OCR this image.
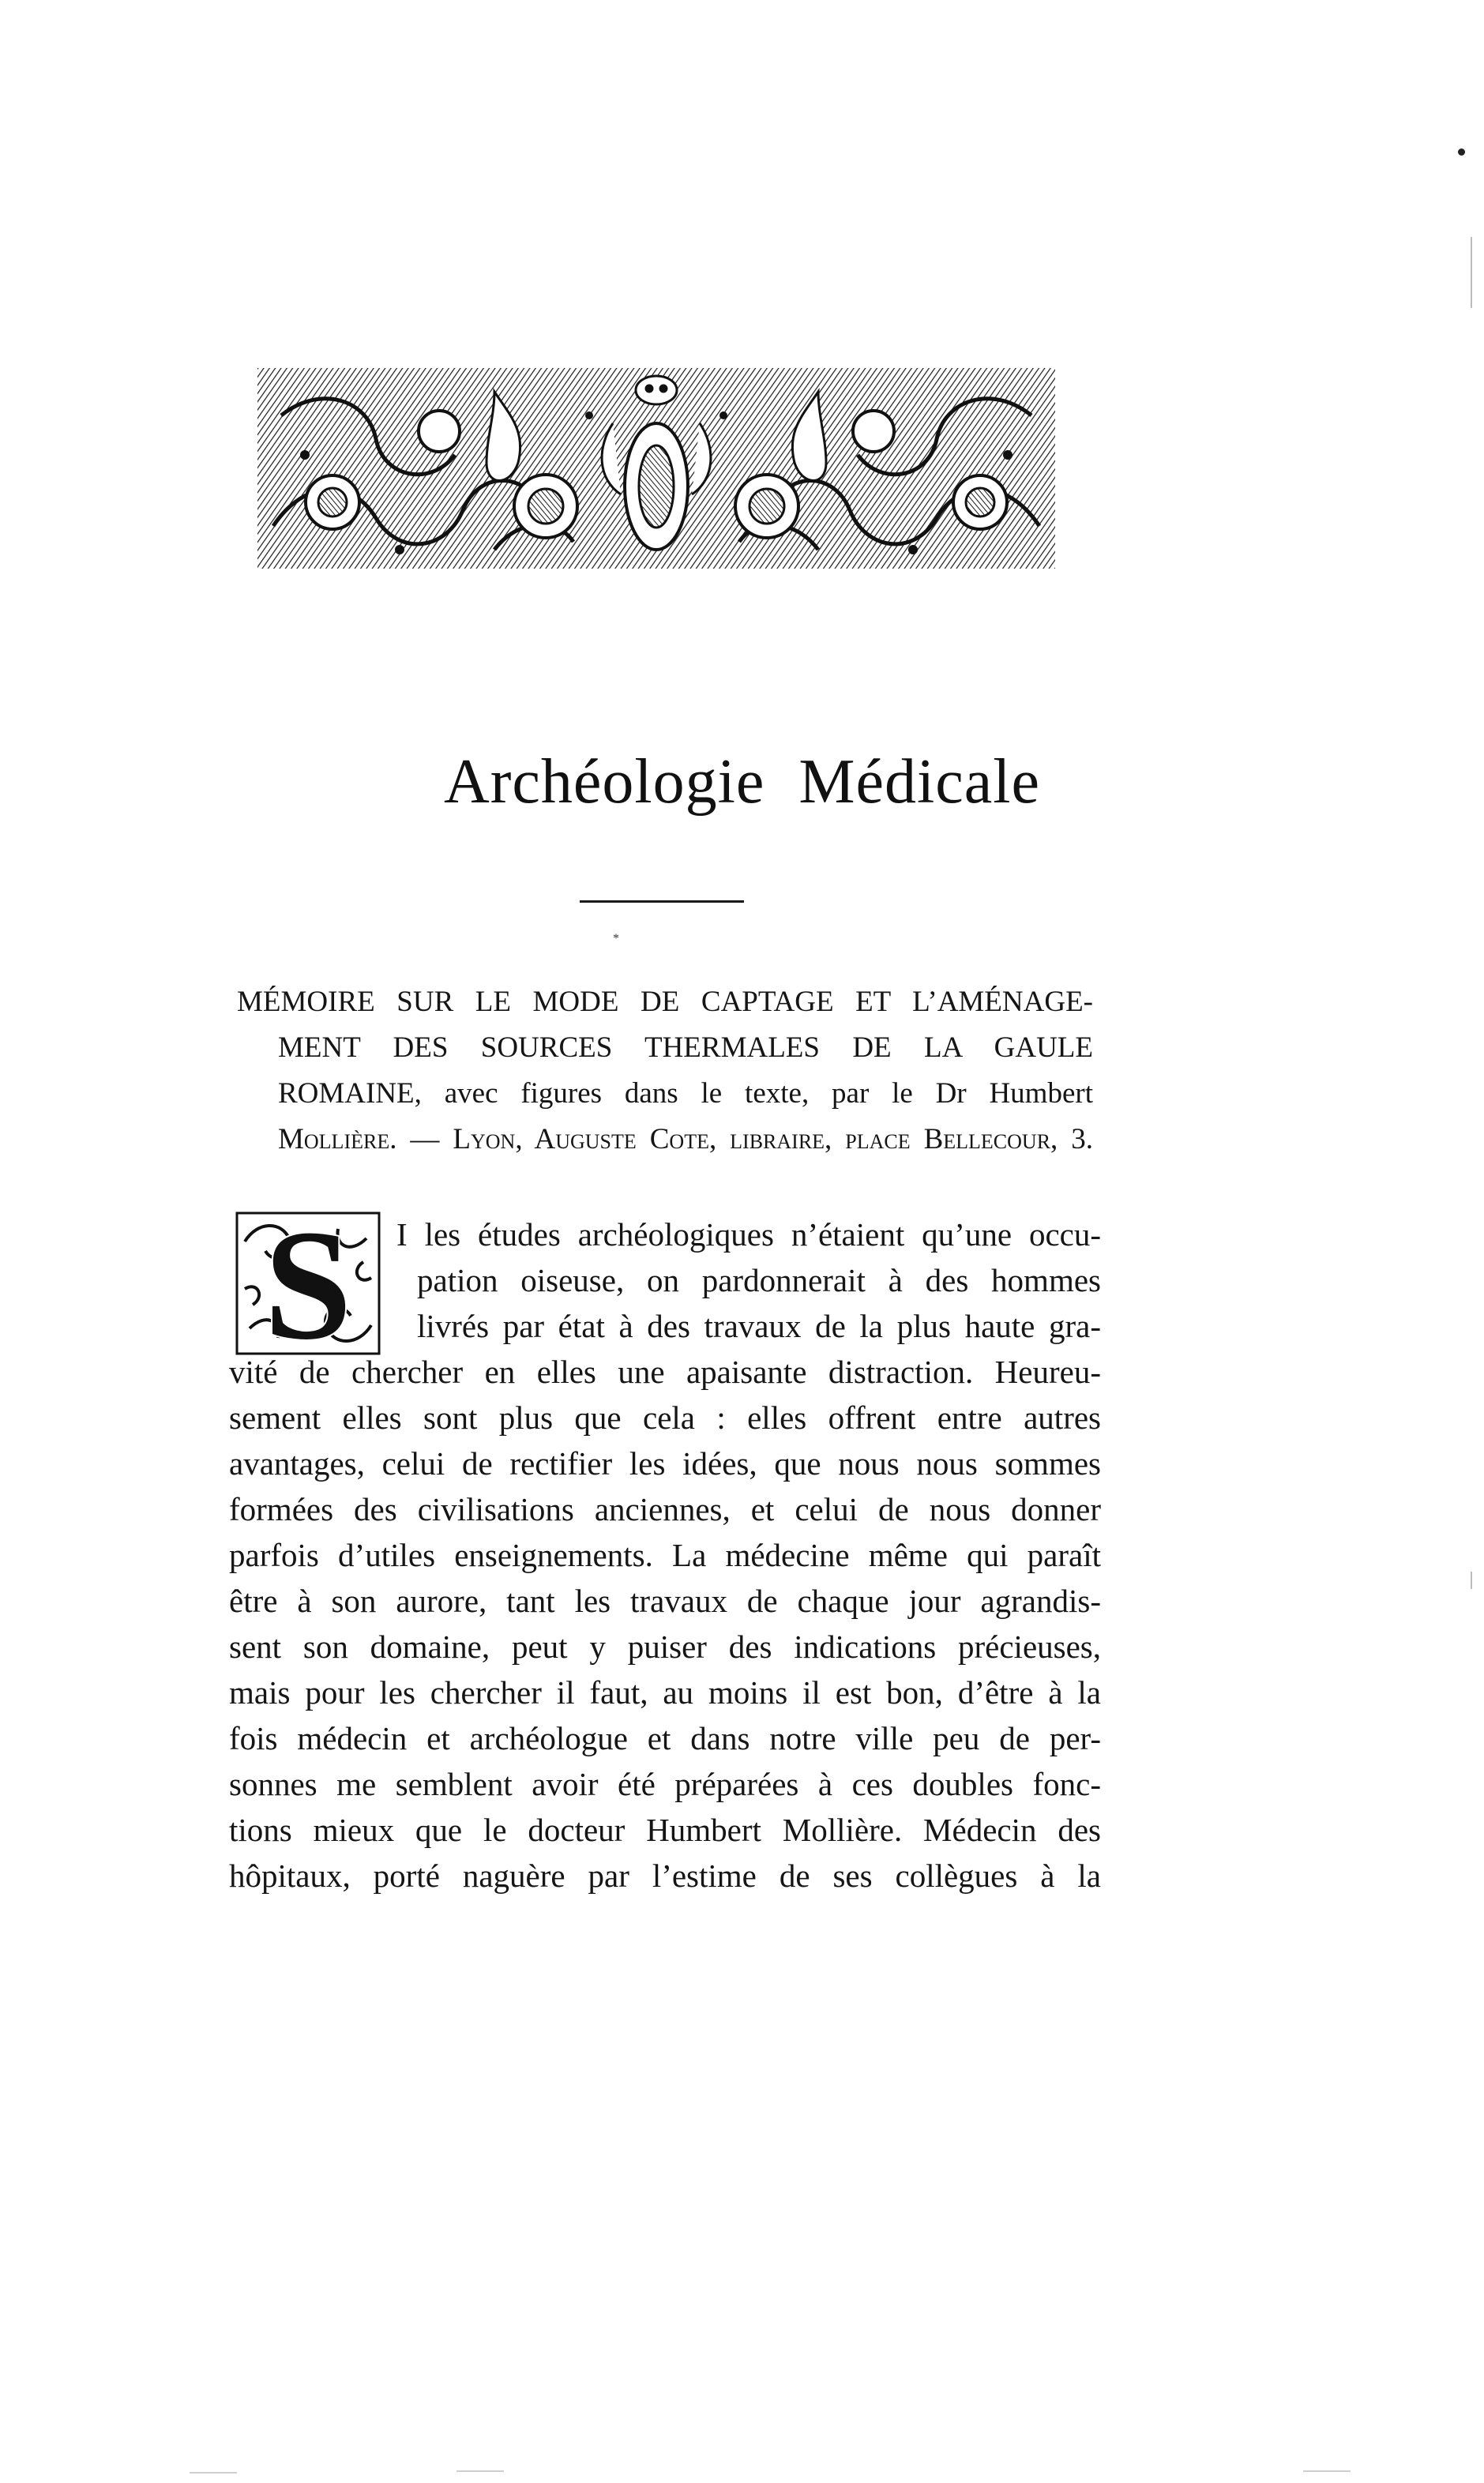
Archéologie Médicale
*
MÉMOIRE SUR LE MODE DE CAPTAGE ET L’AMÉNAGE-
MENT DES SOURCES THERMALES DE LA GAULE
ROMAINE, avec figures dans le texte, par le Dr Humbert
Mollière. — Lyon, Auguste Cote, libraire, place Bellecour, 3.
S I les études archéologiques n’étaient qu’une occu-
pation oiseuse, on pardonnerait à des hommes
livrés par état à des travaux de la plus haute gra-
vité de chercher en elles une apaisante distraction. Heureu-
sement elles sont plus que cela : elles offrent entre autres
avantages, celui de rectifier les idées, que nous nous sommes
formées des civilisations anciennes, et celui de nous donner
parfois d’utiles enseignements. La médecine même qui paraît
être à son aurore, tant les travaux de chaque jour agrandis-
sent son domaine, peut y puiser des indications précieuses,
mais pour les chercher il faut, au moins il est bon, d’être à la
fois médecin et archéologue et dans notre ville peu de per-
sonnes me semblent avoir été préparées à ces doubles fonc-
tions mieux que le docteur Humbert Mollière. Médecin des
hôpitaux, porté naguère par l’estime de ses collègues à la
